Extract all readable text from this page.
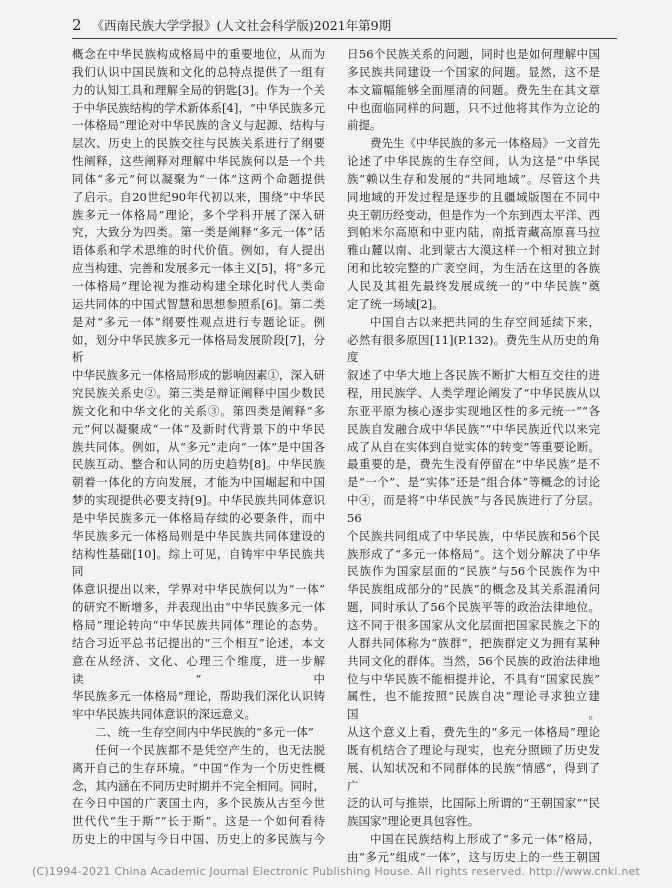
2 《西南民族大学学报》(人文社会科学版)2021年第9期

概念在中华民族构成格局中的重要地位，从而为

我们认识中国民族和文化的总特点提供了一组有

力的认知工具和理解全局的钥匙[3]。作为一个关

于中华民族结构的学术新体系[4]，“中华民族多元

一体格局”理论对中华民族的含义与起源、结构与

层次、历史上的民族交往与民族关系进行了纲要

性阐释，这些阐释对理解中华民族何以是一个共

同体“多元”何以凝聚为“一体”这两个命题提供

了启示。自20世纪90年代初以来，围绕“中华民

族多元一体格局”理论，多个学科开展了深入研

究，大致分为四类。第一类是阐释“多元一体”话

语体系和学术思维的时代价值。例如，有人提出

应当构建、完善和发展多元一体主义[5]，将“多元

一体格局”理论视为推动构建全球化时代人类命

运共同体的中国式智慧和思想参照系[6]。第二类

是对“多元一体”纲要性观点进行专题论证。例

如，划分中华民族多元一体格局发展阶段[7]，分析

中华民族多元一体格局形成的影响因素①，深入研

究民族关系史②。第三类是辩证阐释中国少数民

族文化和中华文化的关系③。第四类是阐释“多

元”何以凝聚成“一体”及新时代背景下的中华民

族共同体。例如，从“多元”走向“一体”是中国各

民族互动、整合和认同的历史趋势[8]。中华民族

朝着一体化的方向发展，才能为中国崛起和中国

梦的实现提供必要支持[9]。中华民族共同体意识

是中华民族多元一体格局存续的必要条件，而中

华民族多元一体格局则是中华民族共同体建设的

结构性基础[10]。综上可见，自铸牢中华民族共同

体意识提出以来，学界对中华民族何以为“一体”

的研究不断增多，并表现出由“中华民族多元一体

格局”理论转向“中华民族共同体”理论的态势。

结合习近平总书记提出的“三个相互”论述，本文

意在从经济、文化、心理三个维度，进一步解读“中

华民族多元一体格局”理论，帮助我们深化认识铸

牢中华民族共同体意识的深远意义。

二、统一生存空间内中华民族的“多元一体”

任何一个民族都不是凭空产生的，也无法脱

离开自己的生存环境。“中国”作为一个历史性概

念，其内涵在不同历史时期并不完全相同。同时，

在今日中国的广袤国土内，多个民族从古至今世

世代代“生于斯”“长于斯”。这是一个如何看待

历史上的中国与今日中国、历史上的多民族与今

日56个民族关系的问题，同时也是如何理解中国

多民族共同建设一个国家的问题。显然，这不是

本文篇幅能够全面厘清的问题。费先生在其文章

中也面临同样的问题，只不过他将其作为立论的

前提。

费先生《中华民族的多元一体格局》一文首先

论述了中华民族的生存空间，认为这是“中华民

族”赖以生存和发展的“共同地域”。尽管这个共

同地域的开发过程是逐步的且疆域版图在不同中

央王朝历经变动，但是作为一个东到西太平洋、西

到帕米尔高原和中亚内陆，南抵青藏高原喜马拉

雅山麓以南、北到蒙古大漠这样一个相对独立封

闭和比较完整的广袤空间，为生活在这里的各族

人民及其祖先最终发展成统一的“中华民族”奠

定了统一场域[2]。

中国自古以来把共同的生存空间延续下来，

必然有很多原因[11](P.132)。费先生从历史的角度

叙述了中华大地上各民族不断扩大相互交往的进

程，用民族学、人类学理论阐发了“中华民族从以

东亚平原为核心逐步实现地区性的多元统一”“各

民族自发融合成中华民族”“中华民族近代以来完

成了从自在实体到自觉实体的转变”等重要论断。

最重要的是，费先生没有停留在“中华民族”是不

是“一个”、是“实体”还是“组合体”等概念的讨论

中④，而是将“中华民族”与各民族进行了分层。56

个民族共同组成了中华民族，中华民族和56个民

族形成了“多元一体格局”。这个划分解决了中华

民族作为国家层面的“民族”与56个民族作为中

华民族组成部分的“民族”的概念及其关系混淆问

题，同时承认了56个民族平等的政治法律地位。

这不同于很多国家从文化层面把国家民族之下的

人群共同体称为“族群”，把族群定义为拥有某种

共同文化的群体。当然，56个民族的政治法律地

位与中华民族不能相提并论，不具有“国家民族”

属性，也不能按照“民族自决”理论寻求独立建国。

从这个意义上看，费先生的“多元一体格局”理论

既有机结合了理论与现实，也充分照顾了历史发

展、认知状况和不同群体的民族“情感”，得到了广

泛的认可与推崇，比国际上所谓的“王朝国家”“民

族国家”理论更具包容性。

中国在民族结构上形成了“多元一体”格局，

由“多元”组成“一体”，这与历史上的一些王朝国

(C)1994-2021 China Academic Journal Electronic Publishing House. All rights reserved. http://www.cnki.net
